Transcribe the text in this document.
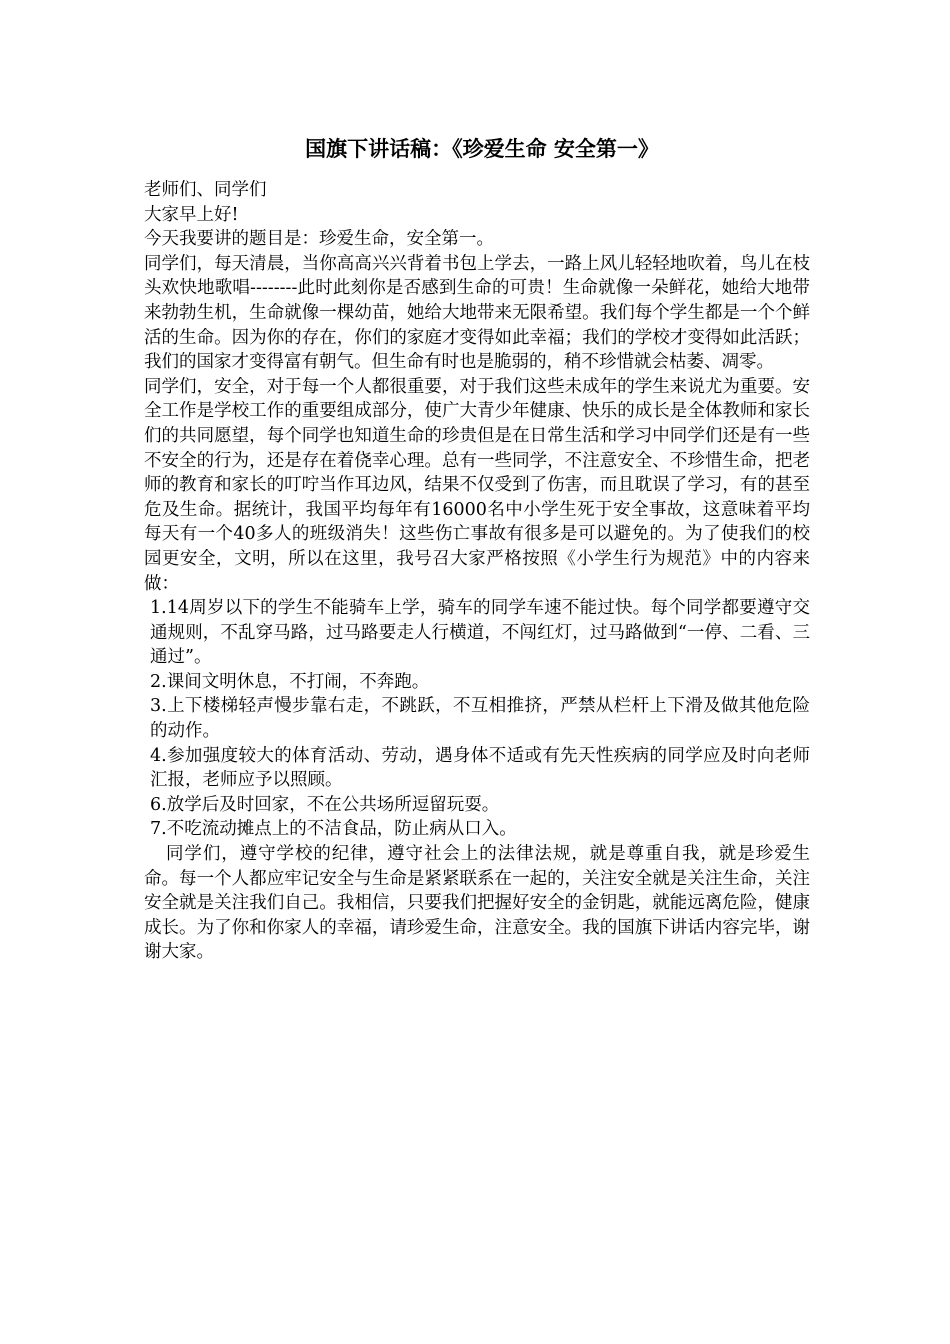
国旗下讲话稿：《珍爱生命 安全第一》

老师们、同学们

大家早上好!

今天我要讲的题目是：珍爱生命，安全第一。

同学们，每天清晨，当你高高兴兴背着书包上学去，一路上风儿轻轻地吹着，鸟儿在枝头欢快地歌唱--------此时此刻你是否感到生命的可贵！生命就像一朵鲜花，她给大地带来勃勃生机，生命就像一棵幼苗，她给大地带来无限希望。我们每个学生都是一个个鲜活的生命。因为你的存在，你们的家庭才变得如此幸福；我们的学校才变得如此活跃；我们的国家才变得富有朝气。但生命有时也是脆弱的，稍不珍惜就会枯萎、凋零。

同学们，安全，对于每一个人都很重要，对于我们这些未成年的学生来说尤为重要。安全工作是学校工作的重要组成部分，使广大青少年健康、快乐的成长是全体教师和家长们的共同愿望，每个同学也知道生命的珍贵但是在日常生活和学习中同学们还是有一些不安全的行为，还是存在着侥幸心理。总有一些同学，不注意安全、不珍惜生命，把老师的教育和家长的叮咛当作耳边风，结果不仅受到了伤害，而且耽误了学习，有的甚至危及生命。据统计，我国平均每年有16000名中小学生死于安全事故，这意味着平均每天有一个40多人的班级消失！这些伤亡事故有很多是可以避免的。为了使我们的校园更安全，文明，所以在这里，我号召大家严格按照《小学生行为规范》中的内容来做：

1.14周岁以下的学生不能骑车上学，骑车的同学车速不能过快。每个同学都要遵守交通规则，不乱穿马路，过马路要走人行横道，不闯红灯，过马路做到“一停、二看、三通过”。

2.课间文明休息，不打闹，不奔跑。

3.上下楼梯轻声慢步靠右走，不跳跃，不互相推挤，严禁从栏杆上下滑及做其他危险的动作。

4.参加强度较大的体育活动、劳动，遇身体不适或有先天性疾病的同学应及时向老师汇报，老师应予以照顾。

6.放学后及时回家，不在公共场所逗留玩耍。

7.不吃流动摊点上的不洁食品，防止病从口入。

同学们，遵守学校的纪律，遵守社会上的法律法规，就是尊重自我，就是珍爱生命。每一个人都应牢记安全与生命是紧紧联系在一起的，关注安全就是关注生命，关注安全就是关注我们自己。我相信，只要我们把握好安全的金钥匙，就能远离危险，健康成长。为了你和你家人的幸福，请珍爱生命，注意安全。我的国旗下讲话内容完毕，谢谢大家。
